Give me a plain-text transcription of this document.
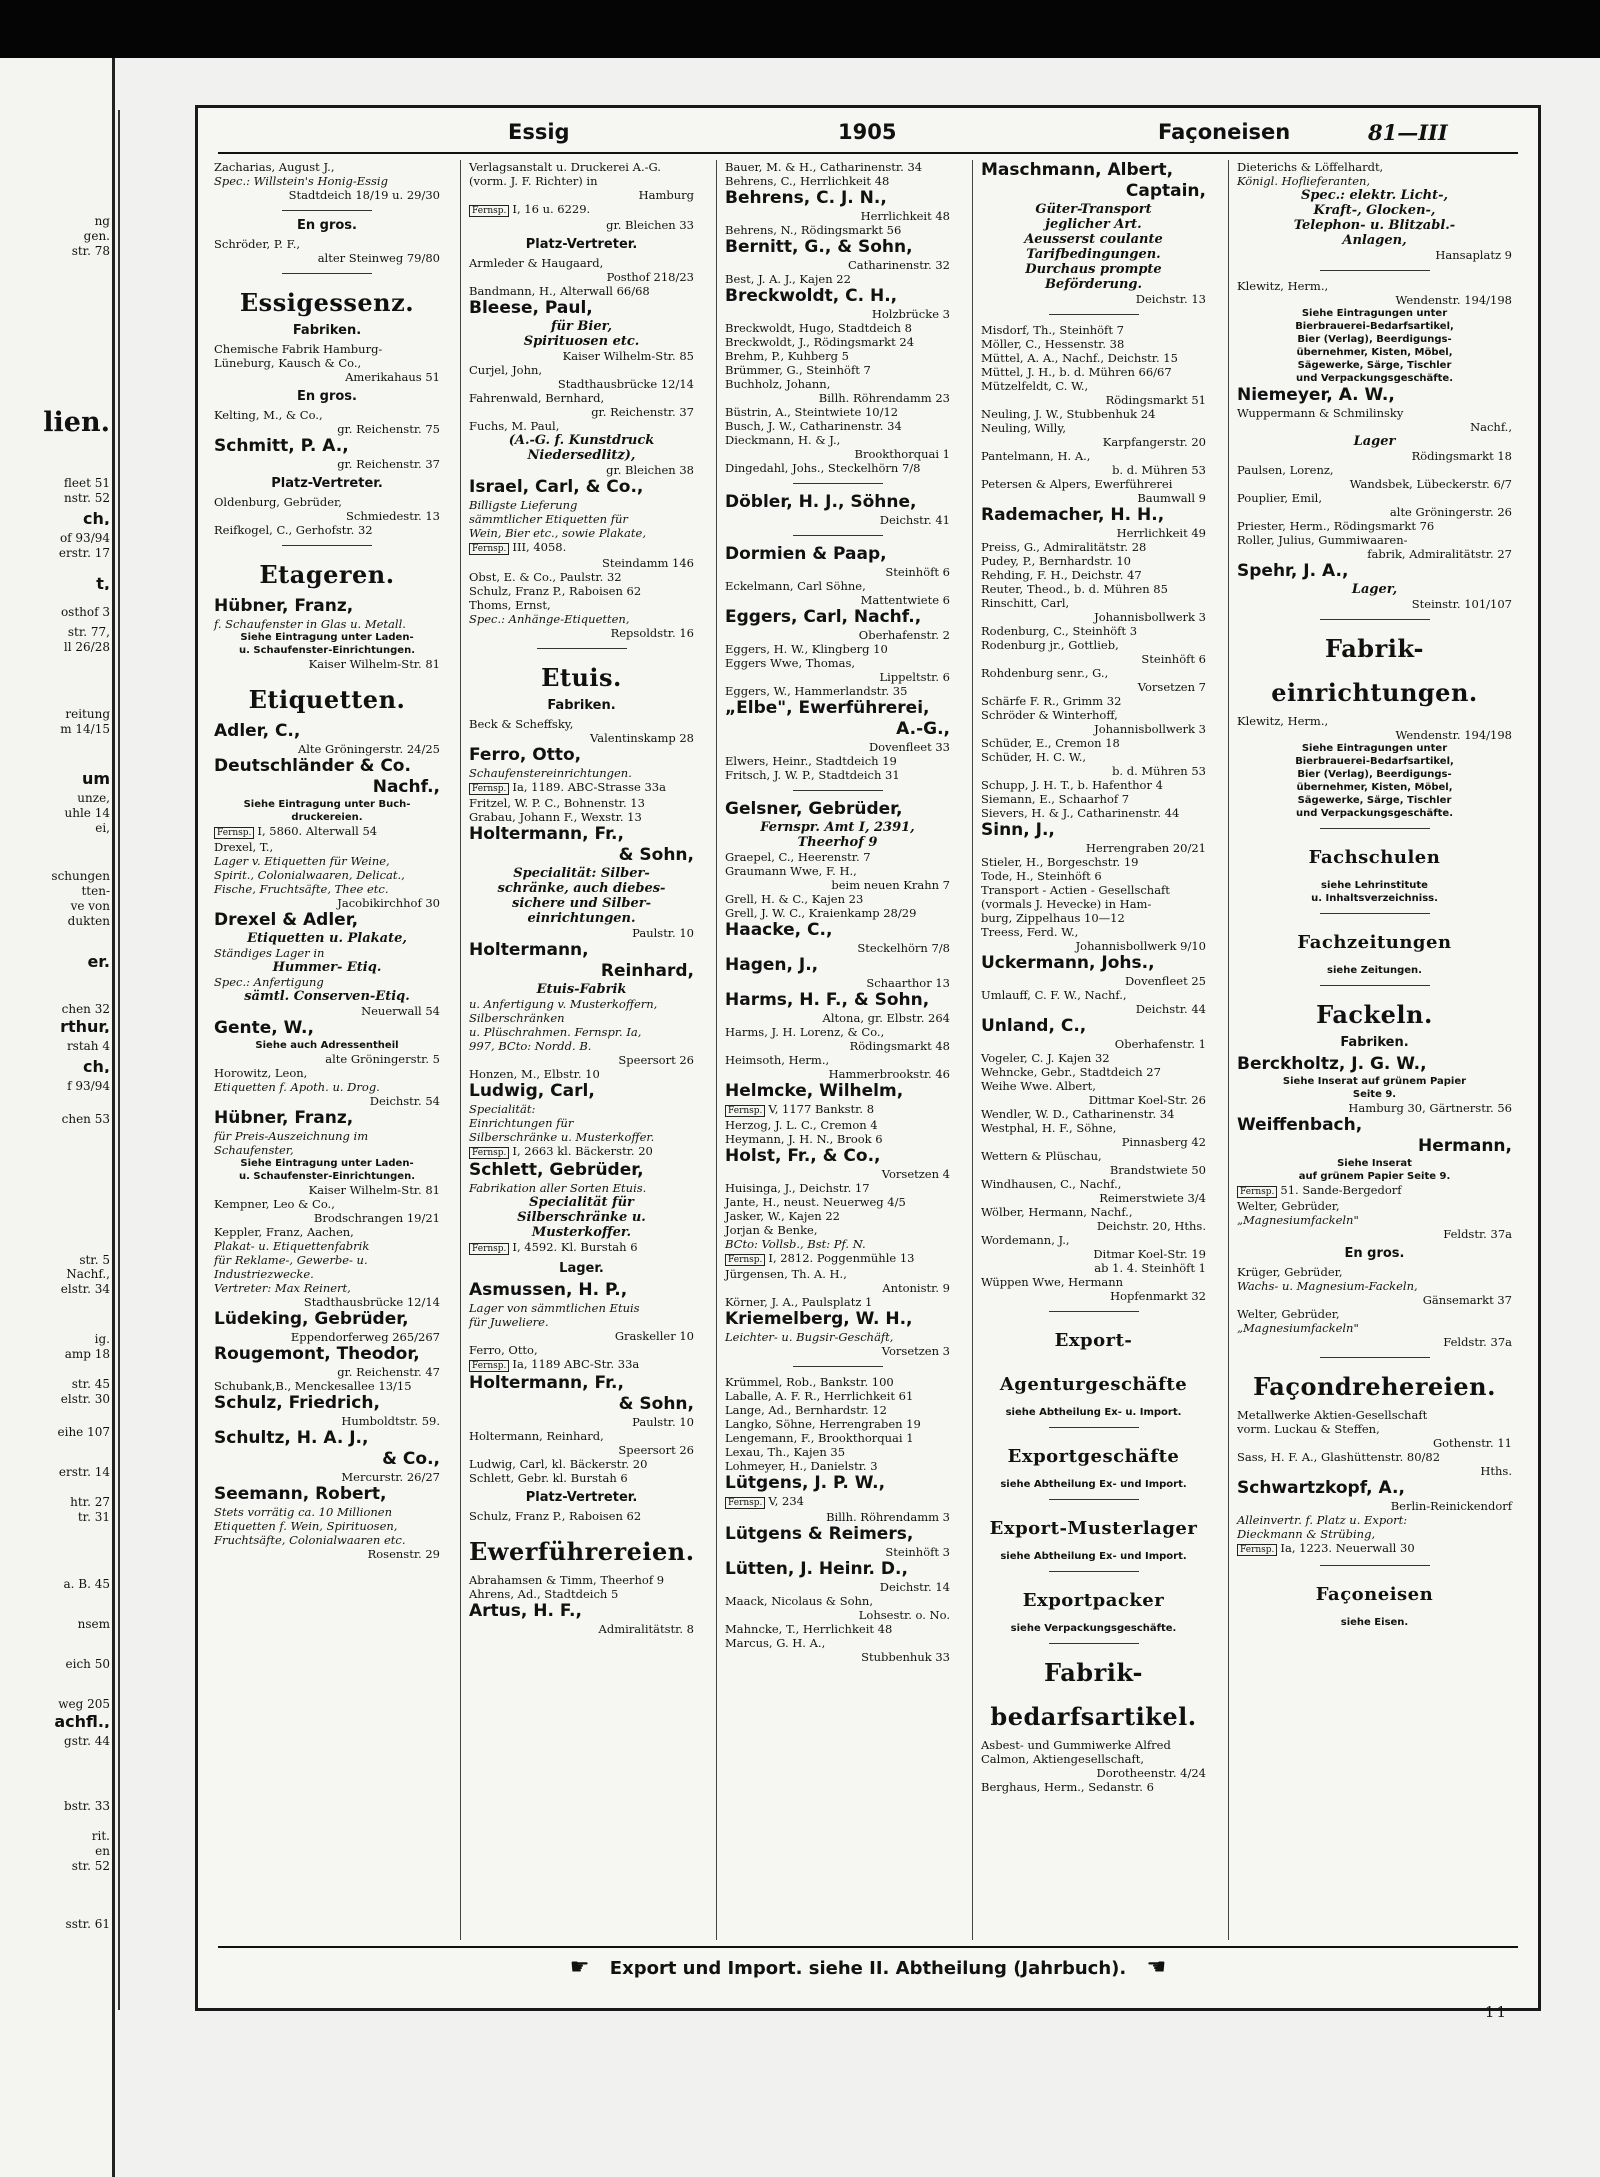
ng
gen.
str. 78
lien.
fleet 51
nstr. 52
ch,
of 93/94
erstr. 17
t,
osthof 3
str. 77,
ll 26/28
reitung
m 14/15
um
unze,
uhle 14
ei,
schungen
tten-
ve von
dukten
er.
chen 32
rthur,
rstah 4
ch,
f 93/94
chen 53
str. 5
Nachf.,
elstr. 34
ig.
amp 18
str. 45
elstr. 30
eihe 107
erstr. 14
htr. 27
tr. 31
a. B. 45
nsem
eich 50
weg 205
achfl.,
gstr. 44
bstr. 33
rit.
en
str. 52
sstr. 61
Essig	1905	Façoneisen	81—III
Zacharias, August J.,
Spec.: Willstein's Honig-Essig
Stadtdeich 18/19 u. 29/30
En gros.
Schröder, P. F.,
alter Steinweg 79/80
Essigessenz.
Fabriken.
Chemische Fabrik Hamburg-
Lüneburg, Kausch & Co.,
Amerikahaus 51
En gros.
Kelting, M., & Co.,
gr. Reichenstr. 75
Schmitt, P. A.,
gr. Reichenstr. 37
Platz-Vertreter.
Oldenburg, Gebrüder,
Schmiedestr. 13
Reifkogel, C., Gerhofstr. 32
Etageren.
Hübner, Franz,
f. Schaufenster in Glas u. Metall.
Siehe Eintragung unter Laden-
u. Schaufenster-Einrichtungen.
Kaiser Wilhelm-Str. 81
Etiquetten.
Adler, C.,
Alte Gröningerstr. 24/25
Deutschländer & Co.
Nachf.,
Siehe Eintragung unter Buch-
druckereien.
Fernsp. I, 5860. Alterwall 54
Drexel, T.,
Lager v. Etiquetten für Weine,
Spirit., Colonialwaaren, Delicat.,
Fische, Fruchtsäfte, Thee etc.
Jacobikirchhof 30
Drexel & Adler,
Etiquetten u. Plakate,
Ständiges Lager in
Hummer- Etiq.
Spec.: Anfertigung
sämtl. Conserven-Etiq.
Neuerwall 54
Gente, W.,
Siehe auch Adressentheil
alte Gröningerstr. 5
Horowitz, Leon,
Etiquetten f. Apoth. u. Drog.
Deichstr. 54
Hübner, Franz,
für Preis-Auszeichnung im
Schaufenster,
Siehe Eintragung unter Laden-
u. Schaufenster-Einrichtungen.
Kaiser Wilhelm-Str. 81
Kempner, Leo & Co.,
Brodschrangen 19/21
Keppler, Franz, Aachen,
Plakat- u. Etiquettenfabrik
für Reklame-, Gewerbe- u.
Industriezwecke.
Vertreter: Max Reinert,
Stadthausbrücke 12/14
Lüdeking, Gebrüder,
Eppendorferweg 265/267
Rougemont, Theodor,
gr. Reichenstr. 47
Schubank,B., Menckesallee 13/15
Schulz, Friedrich,
Humboldtstr. 59.
Schultz, H. A. J.,
& Co.,
Mercurstr. 26/27
Seemann, Robert,
Stets vorrätig ca. 10 Millionen
Etiquetten f. Wein, Spirituosen,
Fruchtsäfte, Colonialwaaren etc.
Rosenstr. 29
Verlagsanstalt u. Druckerei A.-G.
(vorm. J. F. Richter) in
Hamburg
Fernsp. I, 16 u. 6229.
gr. Bleichen 33
Platz-Vertreter.
Armleder & Haugaard,
Posthof 218/23
Bandmann, H., Alterwall 66/68
Bleese, Paul,
für Bier,
Spirituosen etc.
Kaiser Wilhelm-Str. 85
Curjel, John,
Stadthausbrücke 12/14
Fahrenwald, Bernhard,
gr. Reichenstr. 37
Fuchs, M. Paul,
(A.-G. f. Kunstdruck
Niedersedlitz),
gr. Bleichen 38
Israel, Carl, & Co.,
Billigste Lieferung
sämmtlicher Etiquetten für
Wein, Bier etc., sowie Plakate,
Fernsp. III, 4058.
Steindamm 146
Obst, E. & Co., Paulstr. 32
Schulz, Franz P., Raboisen 62
Thoms, Ernst,
Spec.: Anhänge-Etiquetten,
Repsoldstr. 16
Etuis.
Fabriken.
Beck & Scheffsky,
Valentinskamp 28
Ferro, Otto,
Schaufenstereinrichtungen.
Fernsp. Ia, 1189. ABC-Strasse 33a
Fritzel, W. P. C., Bohnenstr. 13
Grabau, Johann F., Wexstr. 13
Holtermann, Fr.,
& Sohn,
Specialität: Silber-
schränke, auch diebes-
sichere und Silber-
einrichtungen.
Paulstr. 10
Holtermann,
Reinhard,
Etuis-Fabrik
u. Anfertigung v. Musterkoffern,
Silberschränken
u. Plüschrahmen. Fernspr. Ia,
997, BCto: Nordd. B.
Speersort 26
Honzen, M., Elbstr. 10
Ludwig, Carl,
Specialität:
Einrichtungen für
Silberschränke u. Musterkoffer.
Fernsp. I, 2663 kl. Bäckerstr. 20
Schlett, Gebrüder,
Fabrikation aller Sorten Etuis.
Specialität für
Silberschränke u.
Musterkoffer.
Fernsp. I, 4592. Kl. Burstah 6
Lager.
Asmussen, H. P.,
Lager von sämmtlichen Etuis
für Juweliere.
Graskeller 10
Ferro, Otto,
Fernsp. Ia, 1189 ABC-Str. 33a
Holtermann, Fr.,
& Sohn,
Paulstr. 10
Holtermann, Reinhard,
Speersort 26
Ludwig, Carl, kl. Bäckerstr. 20
Schlett, Gebr. kl. Burstah 6
Platz-Vertreter.
Schulz, Franz P., Raboisen 62
Ewerführereien.
Abrahamsen & Timm, Theerhof 9
Ahrens, Ad., Stadtdeich 5
Artus, H. F.,
Admiralitätstr. 8
Bauer, M. & H., Catharinenstr. 34
Behrens, C., Herrlichkeit 48
Behrens, C. J. N.,
Herrlichkeit 48
Behrens, N., Rödingsmarkt 56
Bernitt, G., & Sohn,
Catharinenstr. 32
Best, J. A. J., Kajen 22
Breckwoldt, C. H.,
Holzbrücke 3
Breckwoldt, Hugo, Stadtdeich 8
Breckwoldt, J., Rödingsmarkt 24
Brehm, P., Kuhberg 5
Brümmer, G., Steinhöft 7
Buchholz, Johann,
Billh. Röhrendamm 23
Büstrin, A., Steintwiete 10/12
Busch, J. W., Catharinenstr. 34
Dieckmann, H. & J.,
Brookthorquai 1
Dingedahl, Johs., Steckelhörn 7/8
Döbler, H. J., Söhne,
Deichstr. 41
Dormien & Paap,
Steinhöft 6
Eckelmann, Carl Söhne,
Mattentwiete 6
Eggers, Carl, Nachf.,
Oberhafenstr. 2
Eggers, H. W., Klingberg 10
Eggers Wwe, Thomas,
Lippeltstr. 6
Eggers, W., Hammerlandstr. 35
„Elbe", Ewerführerei,
A.-G.,
Dovenfleet 33
Elwers, Heinr., Stadtdeich 19
Fritsch, J. W. P., Stadtdeich 31
Gelsner, Gebrüder,
Fernspr. Amt I, 2391,
Theerhof 9
Graepel, C., Heerenstr. 7
Graumann Wwe, F. H.,
beim neuen Krahn 7
Grell, H. & C., Kajen 23
Grell, J. W. C., Kraienkamp 28/29
Haacke, C.,
Steckelhörn 7/8
Hagen, J.,
Schaarthor 13
Harms, H. F., & Sohn,
Altona, gr. Elbstr. 264
Harms, J. H. Lorenz, & Co.,
Rödingsmarkt 48
Heimsoth, Herm.,
Hammerbrookstr. 46
Helmcke, Wilhelm,
Fernsp. V, 1177 Bankstr. 8
Herzog, J. L. C., Cremon 4
Heymann, J. H. N., Brook 6
Holst, Fr., & Co.,
Vorsetzen 4
Huisinga, J., Deichstr. 17
Jante, H., neust. Neuerweg 4/5
Jasker, W., Kajen 22
Jorjan & Benke,
BCto: Vollsb., Bst: Pf. N.
Fernsp. I, 2812. Poggenmühle 13
Jürgensen, Th. A. H.,
Antonistr. 9
Körner, J. A., Paulsplatz 1
Kriemelberg, W. H.,
Leichter- u. Bugsir-Geschäft,
Vorsetzen 3
Krümmel, Rob., Bankstr. 100
Laballe, A. F. R., Herrlichkeit 61
Lange, Ad., Bernhardstr. 12
Langko, Söhne, Herrengraben 19
Lengemann, F., Brookthorquai 1
Lexau, Th., Kajen 35
Lohmeyer, H., Danielstr. 3
Lütgens, J. P. W.,
Fernsp. V, 234
Billh. Röhrendamm 3
Lütgens & Reimers,
Steinhöft 3
Lütten, J. Heinr. D.,
Deichstr. 14
Maack, Nicolaus & Sohn,
Lohsestr. o. No.
Mahncke, T., Herrlichkeit 48
Marcus, G. H. A.,
Stubbenhuk 33
Maschmann, Albert,
Captain,
Güter-Transport
jeglicher Art.
Aeusserst coulante
Tarifbedingungen.
Durchaus prompte
Beförderung.
Deichstr. 13
Misdorf, Th., Steinhöft 7
Möller, C., Hessenstr. 38
Müttel, A. A., Nachf., Deichstr. 15
Müttel, J. H., b. d. Mühren 66/67
Mützelfeldt, C. W.,
Rödingsmarkt 51
Neuling, J. W., Stubbenhuk 24
Neuling, Willy,
Karpfangerstr. 20
Pantelmann, H. A.,
b. d. Mühren 53
Petersen & Alpers, Ewerführerei
Baumwall 9
Rademacher, H. H.,
Herrlichkeit 49
Preiss, G., Admiralitätstr. 28
Pudey, P., Bernhardstr. 10
Rehding, F. H., Deichstr. 47
Reuter, Theod., b. d. Mühren 85
Rinschitt, Carl,
Johannisbollwerk 3
Rodenburg, C., Steinhöft 3
Rodenburg jr., Gottlieb,
Steinhöft 6
Rohdenburg senr., G.,
Vorsetzen 7
Schärfe F. R., Grimm 32
Schröder & Winterhoff,
Johannisbollwerk 3
Schüder, E., Cremon 18
Schüder, H. C. W.,
b. d. Mühren 53
Schupp, J. H. T., b. Hafenthor 4
Siemann, E., Schaarhof 7
Sievers, H. & J., Catharinenstr. 44
Sinn, J.,
Herrengraben 20/21
Stieler, H., Borgeschstr. 19
Tode, H., Steinhöft 6
Transport - Actien - Gesellschaft
(vormals J. Hevecke) in Ham-
burg, Zippelhaus 10—12
Treess, Ferd. W.,
Johannisbollwerk 9/10
Uckermann, Johs.,
Dovenfleet 25
Umlauff, C. F. W., Nachf.,
Deichstr. 44
Unland, C.,
Oberhafenstr. 1
Vogeler, C. J. Kajen 32
Wehncke, Gebr., Stadtdeich 27
Weihe Wwe. Albert,
Dittmar Koel-Str. 26
Wendler, W. D., Catharinenstr. 34
Westphal, H. F., Söhne,
Pinnasberg 42
Wettern & Plüschau,
Brandstwiete 50
Windhausen, C., Nachf.,
Reimerstwiete 3/4
Wölber, Hermann, Nachf.,
Deichstr. 20, Hths.
Wordemann, J.,
Ditmar Koel-Str. 19
ab 1. 4. Steinhöft 1
Wüppen Wwe, Hermann
Hopfenmarkt 32
Export-
Agenturgeschäfte
siehe Abtheilung Ex- u. Import.
Exportgeschäfte
siehe Abtheilung Ex- und Import.
Export-Musterlager
siehe Abtheilung Ex- und Import.
Exportpacker
siehe Verpackungsgeschäfte.
Fabrik-
bedarfsartikel.
Asbest- und Gummiwerke Alfred
Calmon, Aktiengesellschaft,
Dorotheenstr. 4/24
Berghaus, Herm., Sedanstr. 6
Dieterichs & Löffelhardt,
Königl. Hoflieferanten,
Spec.: elektr. Licht-,
Kraft-, Glocken-,
Telephon- u. Blitzabl.-
Anlagen,
Hansaplatz 9
Klewitz, Herm.,
Wendenstr. 194/198
Siehe Eintragungen unter
Bierbrauerei-Bedarfsartikel,
Bier (Verlag), Beerdigungs-
übernehmer, Kisten, Möbel,
Sägewerke, Särge, Tischler
und Verpackungsgeschäfte.
Niemeyer, A. W.,
Wuppermann & Schmilinsky
Nachf.,
Lager
Rödingsmarkt 18
Paulsen, Lorenz,
Wandsbek, Lübeckerstr. 6/7
Pouplier, Emil,
alte Gröningerstr. 26
Priester, Herm., Rödingsmarkt 76
Roller, Julius, Gummiwaaren-
fabrik, Admiralitätstr. 27
Spehr, J. A.,
Lager,
Steinstr. 101/107
Fabrik-
einrichtungen.
Klewitz, Herm.,
Wendenstr. 194/198
Siehe Eintragungen unter
Bierbrauerei-Bedarfsartikel,
Bier (Verlag), Beerdigungs-
übernehmer, Kisten, Möbel,
Sägewerke, Särge, Tischler
und Verpackungsgeschäfte.
Fachschulen
siehe Lehrinstitute
u. Inhaltsverzeichniss.
Fachzeitungen
siehe Zeitungen.
Fackeln.
Fabriken.
Berckholtz, J. G. W.,
Siehe Inserat auf grünem Papier
Seite 9.
Hamburg 30, Gärtnerstr. 56
Weiffenbach,
Hermann,
Siehe Inserat
auf grünem Papier Seite 9.
Fernsp. 51. Sande-Bergedorf
Welter, Gebrüder,
„Magnesiumfackeln"
Feldstr. 37a
En gros.
Krüger, Gebrüder,
Wachs- u. Magnesium-Fackeln,
Gänsemarkt 37
Welter, Gebrüder,
„Magnesiumfackeln"
Feldstr. 37a
Façondrehereien.
Metallwerke Aktien-Gesellschaft
vorm. Luckau & Steffen,
Gothenstr. 11
Sass, H. F. A., Glashüttenstr. 80/82
Hths.
Schwartzkopf, A.,
Berlin-Reinickendorf
Alleinvertr. f. Platz u. Export:
Dieckmann & Strübing,
Fernsp. Ia, 1223. Neuerwall 30
Façoneisen
siehe Eisen.
☛ Export und Import. siehe II. Abtheilung (Jahrbuch). ☚
11
